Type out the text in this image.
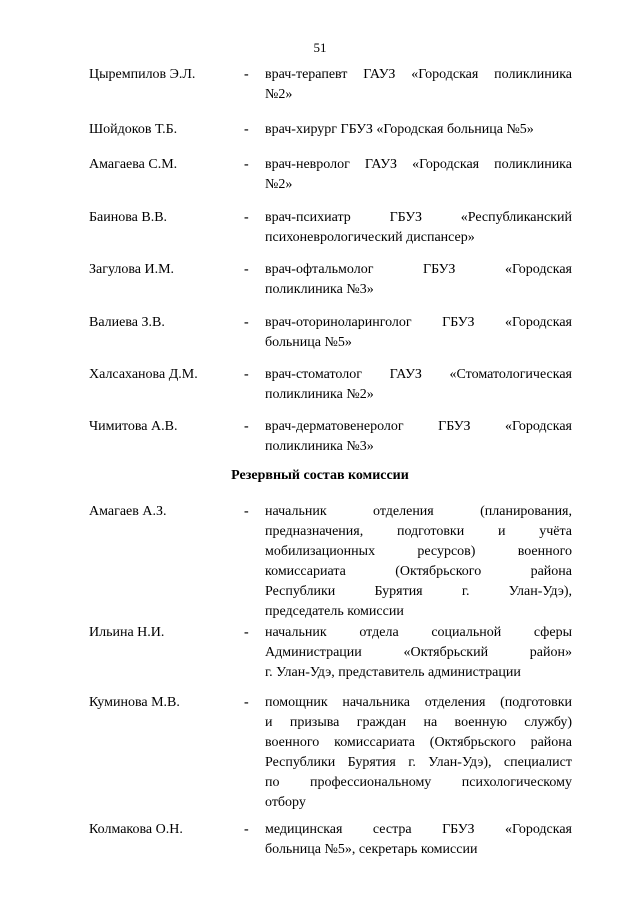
51
Цыремпилов Э.Л.	- врач-терапевт ГАУЗ «Городская поликлиника
№2»
Шойдоков Т.Б.	- врач-хирург ГБУЗ «Городская больница №5»
Амагаева С.М.	- врач-невролог ГАУЗ «Городская поликлиника
№2»
Баинова В.В.	- врач-психиатр ГБУЗ «Республиканский
психоневрологический диспансер»
Загулова И.М.	- врач-офтальмолог ГБУЗ «Городская
поликлиника №3»
Валиева З.В.	- врач-оториноларинголог ГБУЗ «Городская
больница №5»
Халсаханова Д.М.	- врач-стоматолог ГАУЗ «Стоматологическая
поликлиника №2»
Чимитова А.В.	- врач-дерматовенеролог ГБУЗ «Городская
поликлиника №3»
Резервный состав комиссии
Амагаев А.З.	- начальник отделения (планирования,
предназначения, подготовки и учёта
мобилизационных ресурсов) военного
комиссариата (Октябрьского района
Республики Бурятия г. Улан-Удэ),
председатель комиссии
Ильина Н.И.	- начальник отдела социальной сферы
Администрации «Октябрьский район»
г. Улан-Удэ, представитель администрации
Куминова М.В.	- помощник начальника отделения (подготовки
и призыва граждан на военную службу)
военного комиссариата (Октябрьского района
Республики Бурятия г. Улан-Удэ), специалист
по профессиональному психологическому
отбору
Колмакова О.Н.	- медицинская сестра ГБУЗ «Городская
больница №5», секретарь комиссии
